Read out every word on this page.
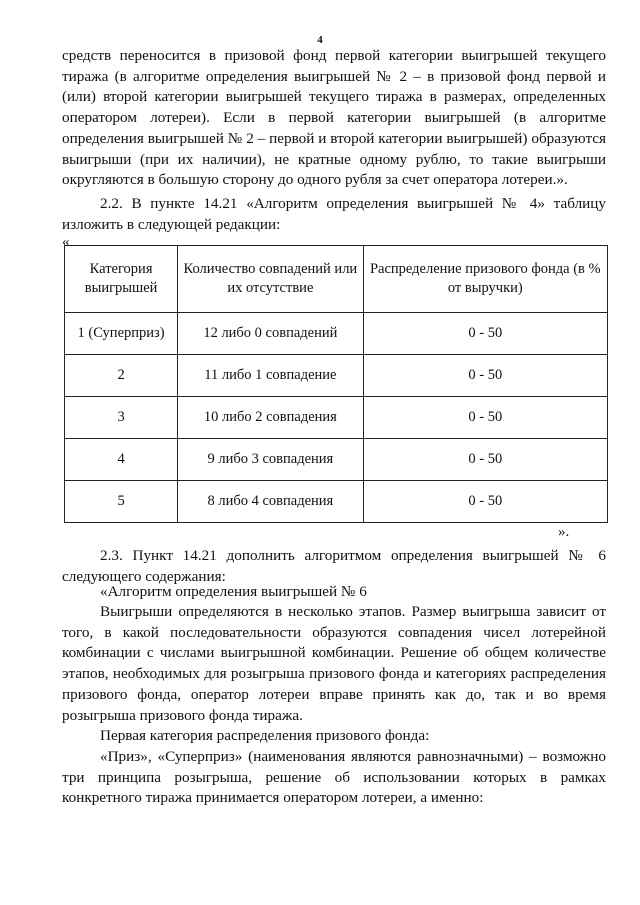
4
средств переносится в призовой фонд первой категории выигрышей текущего тиража (в алгоритме определения выигрышей № 2 – в призовой фонд первой и (или) второй категории выигрышей текущего тиража в размерах, определенных оператором лотереи). Если в первой категории выигрышей (в алгоритме определения выигрышей № 2 – первой и второй категории выигрышей) образуются выигрыши (при их наличии), не кратные одному рублю, то такие выигрыши округляются в большую сторону до одного рубля за счет оператора лотереи.».
2.2. В пункте 14.21 «Алгоритм определения выигрышей № 4» таблицу изложить в следующей редакции:
«
Категория выигрышей	Количество совпадений или их отсутствие	Распределение призового фонда (в % от выручки)
1 (Суперприз)	12 либо 0 совпадений	0 - 50
2	11 либо 1 совпадение	0 - 50
3	10 либо 2 совпадения	0 - 50
4	9 либо 3 совпадения	0 - 50
5	8 либо 4 совпадения	0 - 50
».
2.3. Пункт 14.21 дополнить алгоритмом определения выигрышей № 6 следующего содержания:
«Алгоритм определения выигрышей № 6
Выигрыши определяются в несколько этапов. Размер выигрыша зависит от того, в какой последовательности образуются совпадения чисел лотерейной комбинации с числами выигрышной комбинации. Решение об общем количестве этапов, необходимых для розыгрыша призового фонда и категориях распределения призового фонда, оператор лотереи вправе принять как до, так и во время розыгрыша призового фонда тиража.
Первая категория распределения призового фонда:
«Приз», «Суперприз» (наименования являются равнозначными) – возможно три принципа розыгрыша, решение об использовании которых в рамках конкретного тиража принимается оператором лотереи, а именно:
